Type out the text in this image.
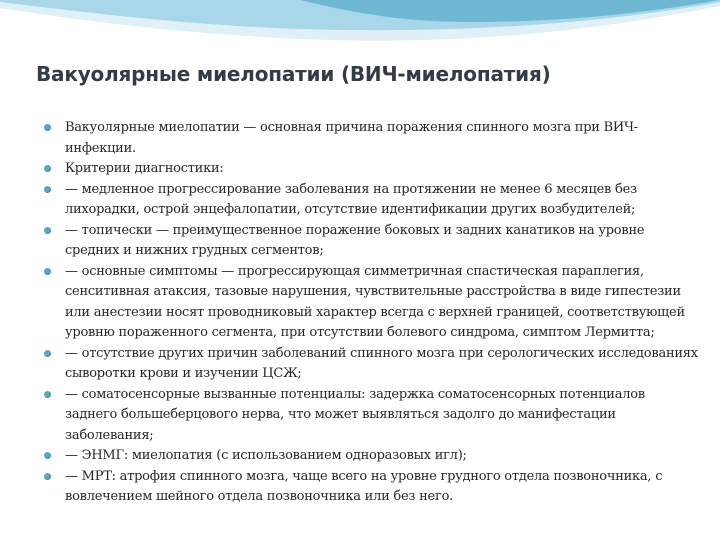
Вакуолярные миелопатии (ВИЧ-миелопатия)
Вакуолярные миелопатии — основная причина поражения спинного мозга при ВИЧ-инфекции.
Критерии диагностики:
— медленное прогрессирование заболевания на протяжении не менее 6 месяцев без лихорадки, острой энцефалопатии, отсутствие идентификации других возбудителей;
— топически — преимущественное поражение боковых и задних канатиков на уровне средних и нижних грудных сегментов;
— основные симптомы — прогрессирующая симметричная спастическая параплегия, сенситивная атаксия, тазовые нарушения, чувствительные расстройства в виде гипестезии или анестезии носят проводниковый характер всегда с верхней границей, соответствующей уровню пораженного сегмента, при отсутствии болевого синдрома, симптом Лермитта;
— отсутствие других причин заболеваний спинного мозга при серологических исследованиях сыворотки крови и изучении ЦСЖ;
— соматосенсорные вызванные потенциалы: задержка соматосенсорных потенциалов заднего большеберцового нерва, что может выявляться задолго до манифестации заболевания;
— ЭНМГ: миелопатия (с использованием одноразовых игл);
— МРТ: атрофия спинного мозга, чаще всего на уровне грудного отдела позвоночника, с вовлечением шейного отдела позвоночника или без него.
